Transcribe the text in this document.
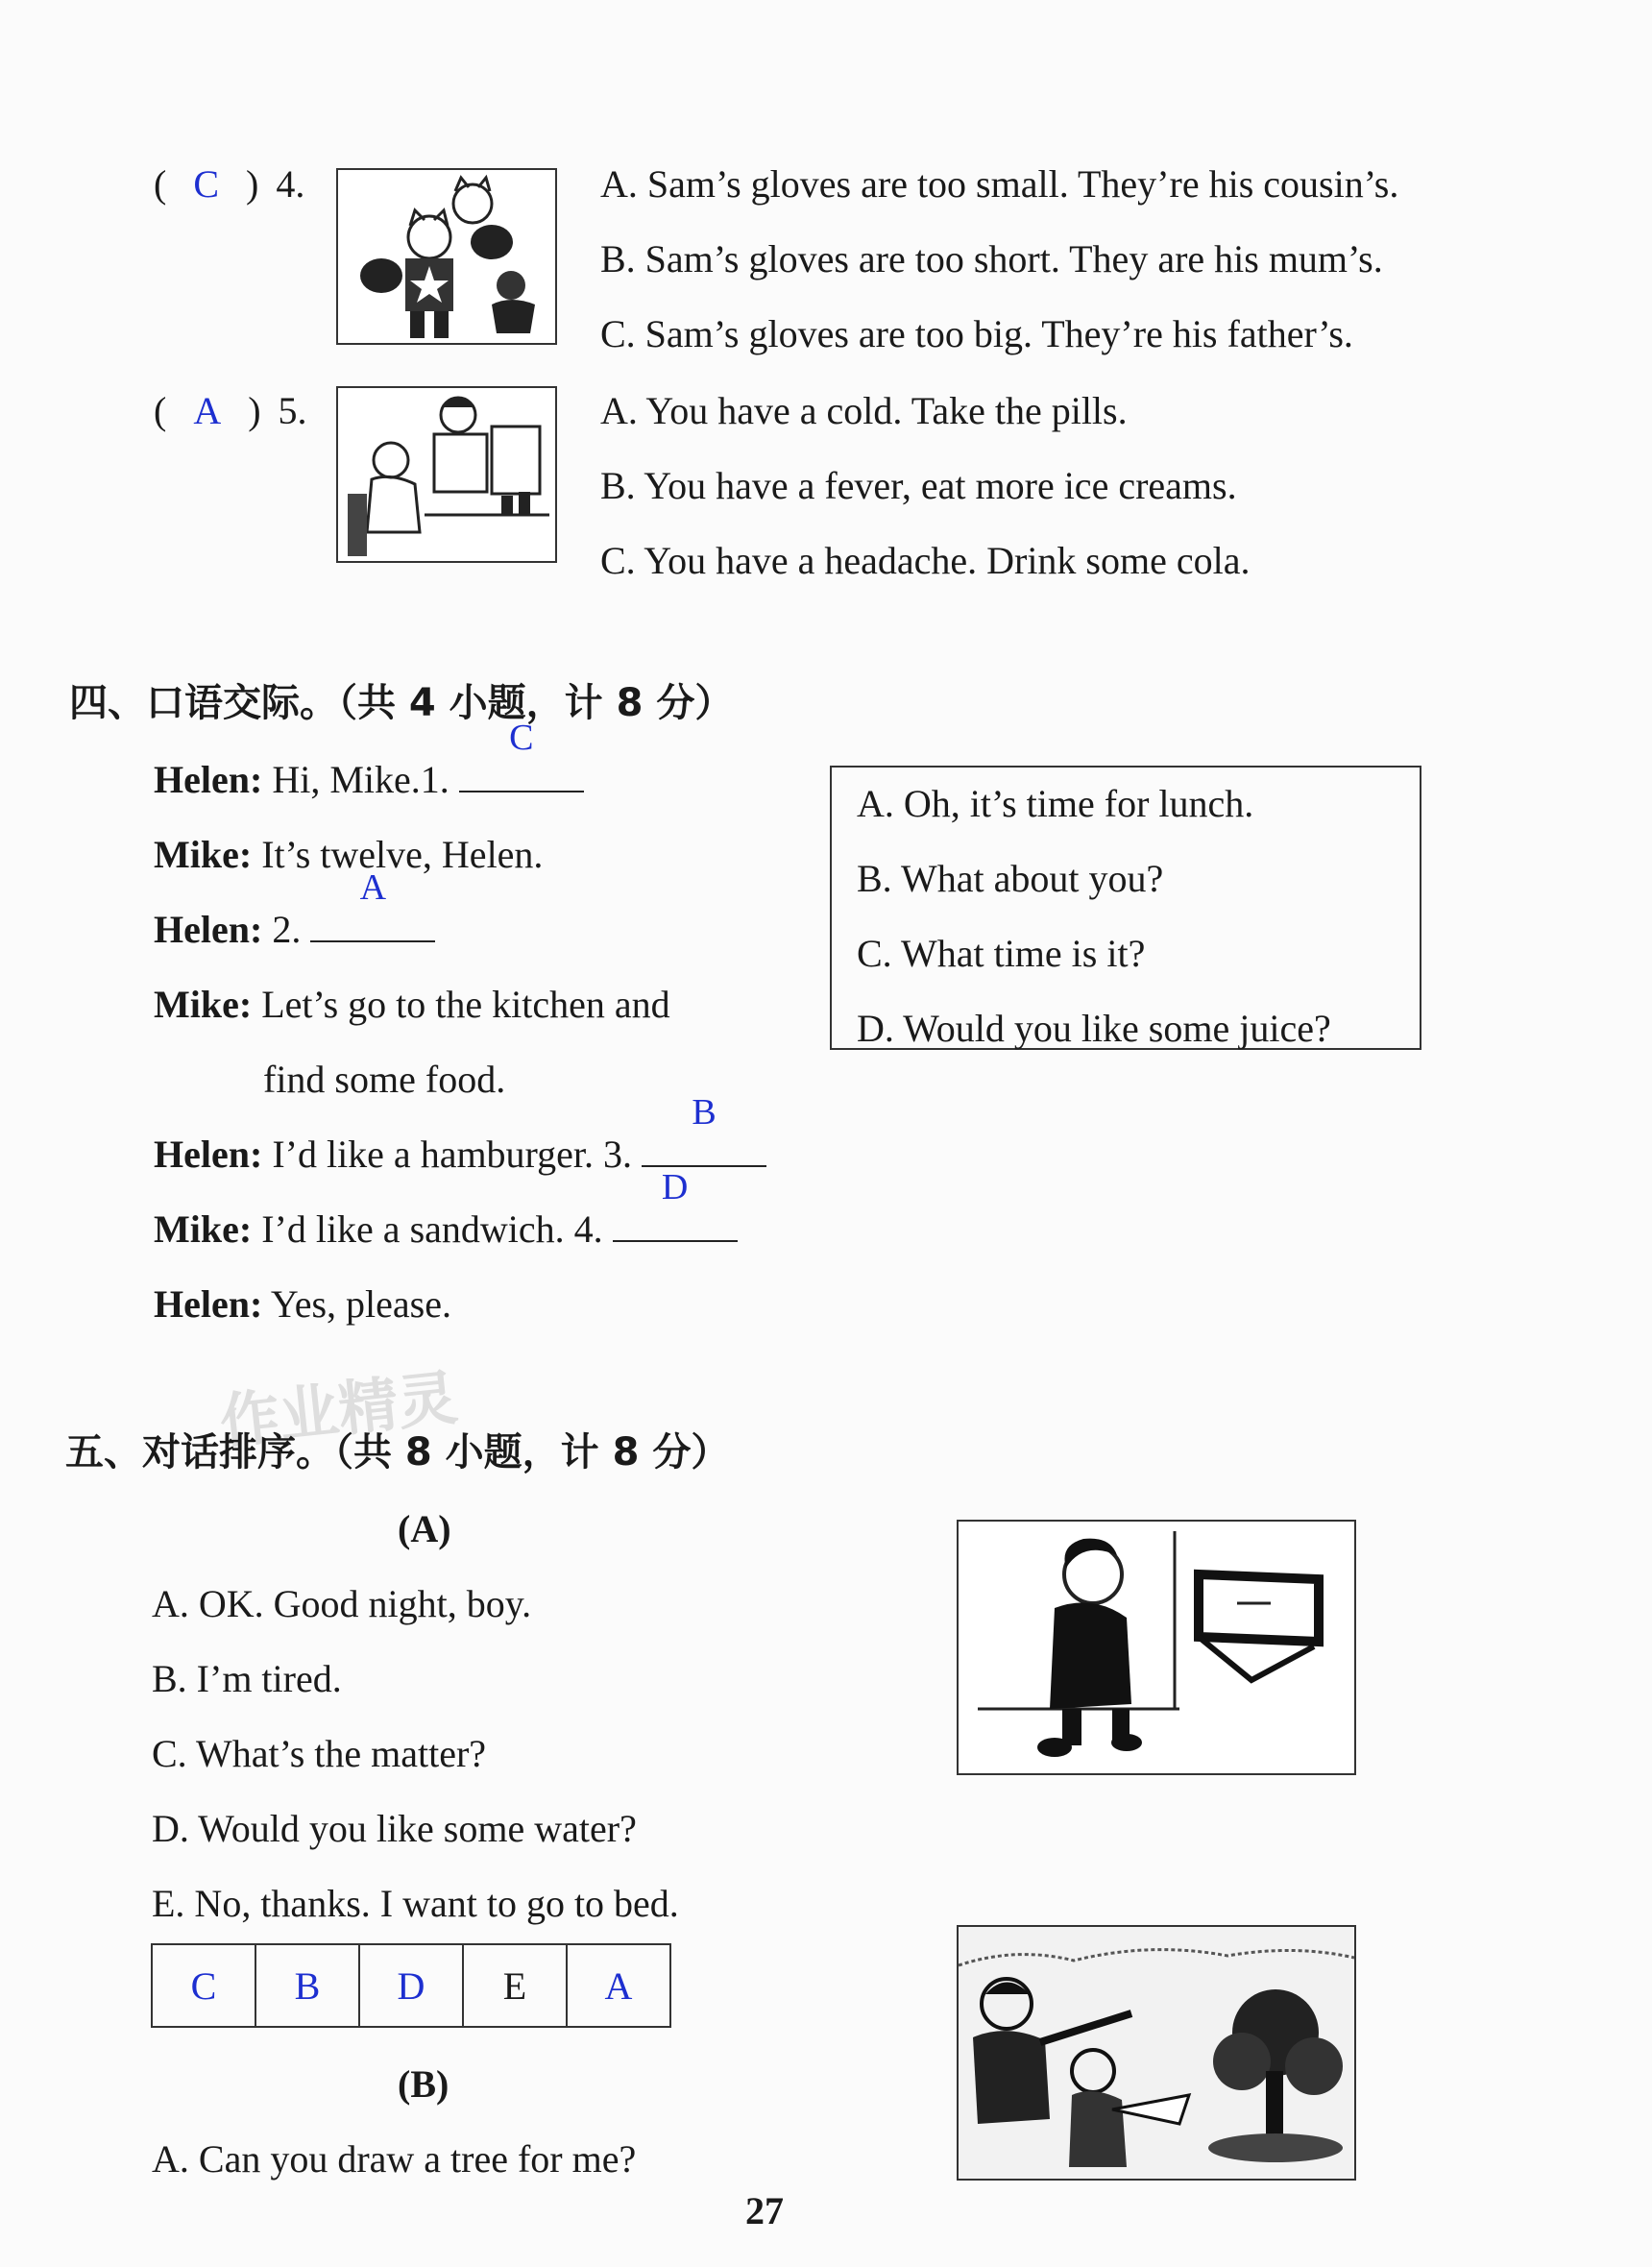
( C ) 4.	A. Sam’s gloves are too small. They’re his cousin’s.
B. Sam’s gloves are too short. They are his mum’s.
C. Sam’s gloves are too big. They’re his father’s.
( A ) 5.	A. You have a cold. Take the pills.
B. You have a fever, eat more ice creams.
C. You have a headache. Drink some cola.
四、口语交际。（共 4 小题，计 8 分）
Helen: Hi, Mike.1.
C
Mike: It’s twelve, Helen.
Helen: 2.
A
Mike: Let’s go to the kitchen and
find some food.
Helen: I’d like a hamburger. 3.
B
Mike: I’d like a sandwich. 4.
D
Helen: Yes, please.
A. Oh, it’s time for lunch.
B. What about you?
C. What time is it?
D. Would you like some juice?
作业精灵
五、对话排序。（共 8 小题，计 8 分）
(A)
A. OK. Good night, boy.
B. I’m tired.
C. What’s the matter?
D. Would you like some water?
E. No, thanks. I want to go to bed.
C	B	D	E	A
(B)
A. Can you draw a tree for me?
27
